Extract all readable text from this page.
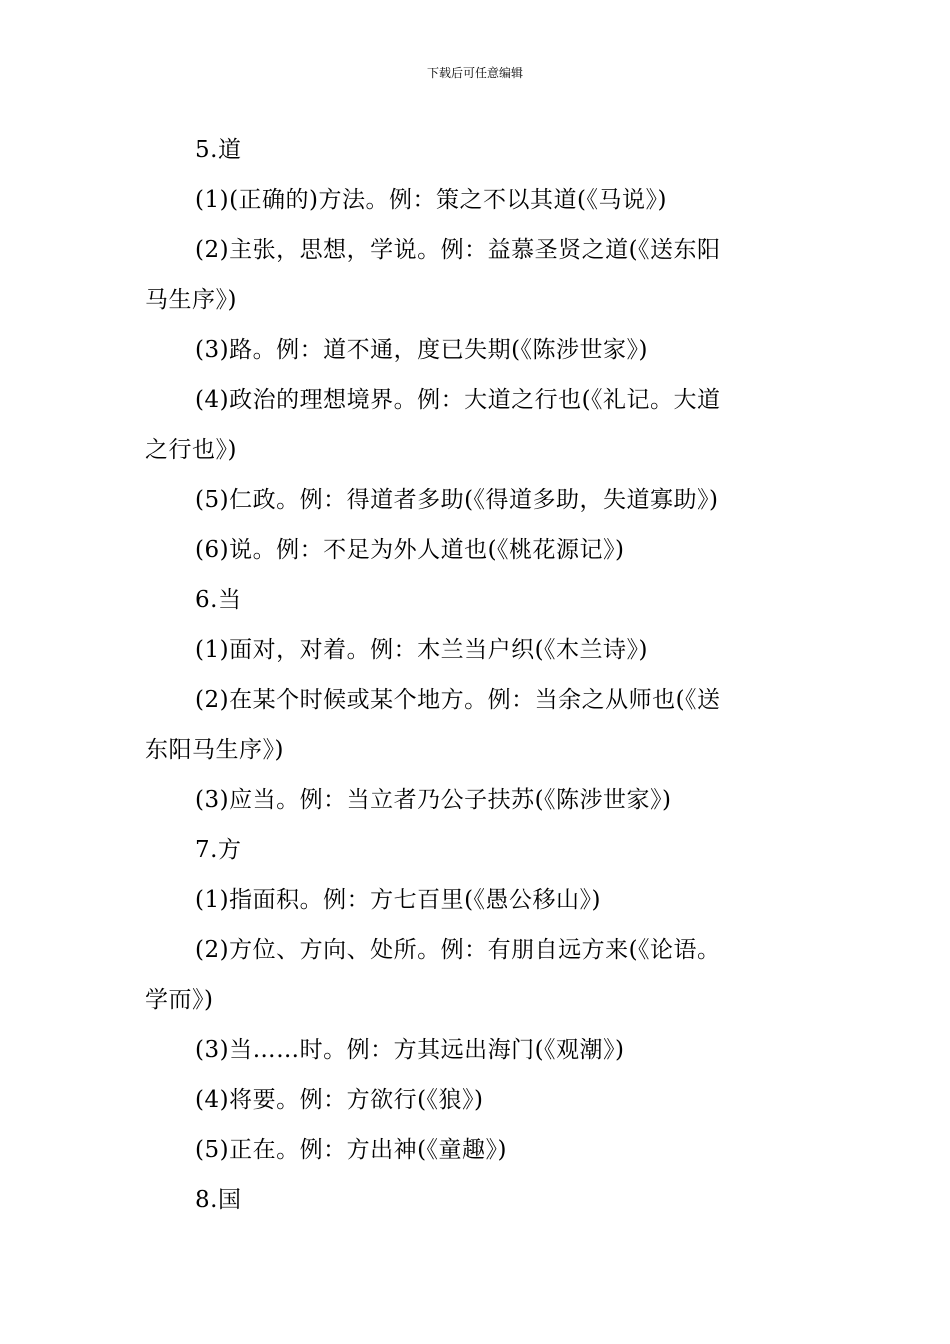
下载后可任意编辑
5.道
(1)(正确的)方法。例：策之不以其道(《马说》)
(2)主张，思想，学说。例：益慕圣贤之道(《送东阳
马生序》)
(3)路。例：道不通，度已失期(《陈涉世家》)
(4)政治的理想境界。例：大道之行也(《礼记。大道
之行也》)
(5)仁政。例：得道者多助(《得道多助，失道寡助》)
(6)说。例：不足为外人道也(《桃花源记》)
6.当
(1)面对，对着。例：木兰当户织(《木兰诗》)
(2)在某个时候或某个地方。例：当余之从师也(《送
东阳马生序》)
(3)应当。例：当立者乃公子扶苏(《陈涉世家》)
7.方
(1)指面积。例：方七百里(《愚公移山》)
(2)方位、方向、处所。例：有朋自远方来(《论语。
学而》)
(3)当……时。例：方其远出海门(《观潮》)
(4)将要。例：方欲行(《狼》)
(5)正在。例：方出神(《童趣》)
8.国
